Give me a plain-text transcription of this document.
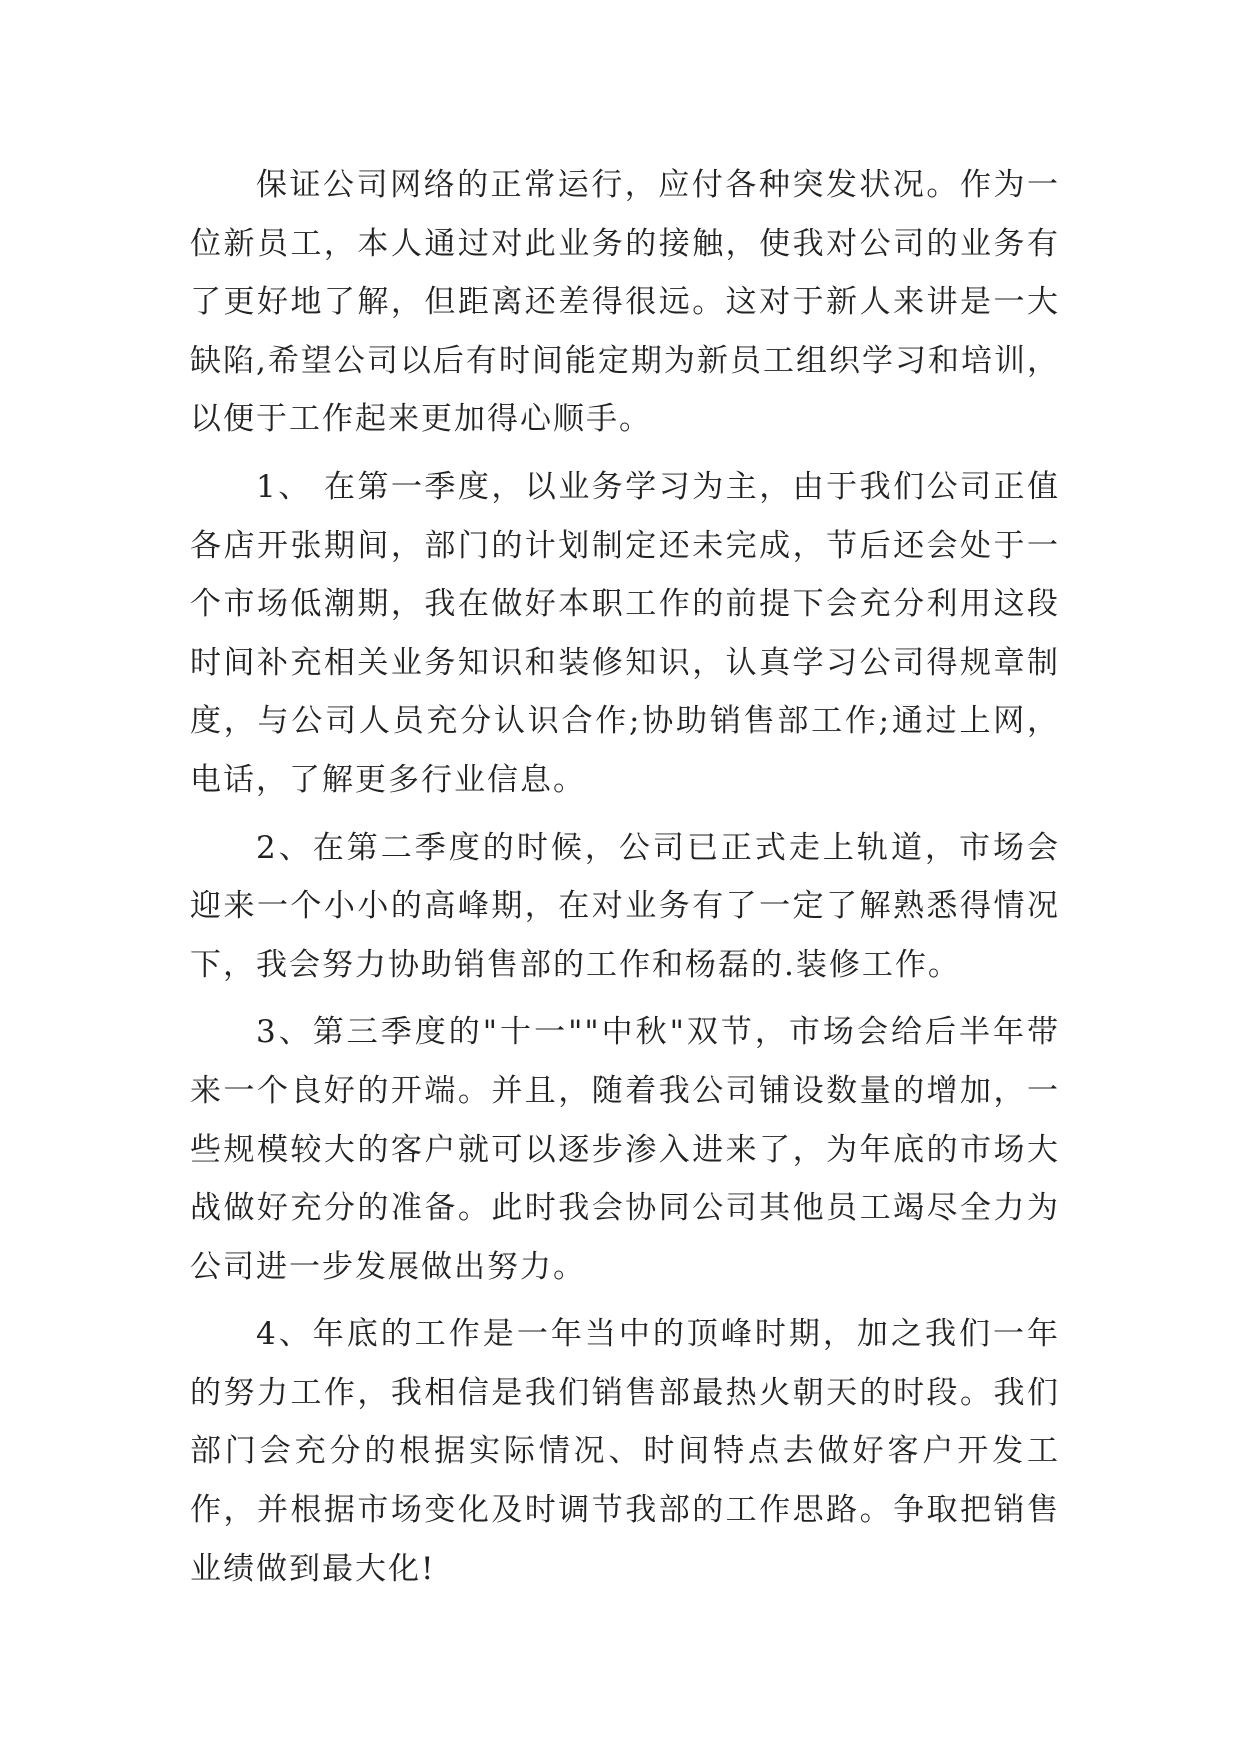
保证公司网络的正常运行，应付各种突发状况。作为一位新员工，本人通过对此业务的接触，使我对公司的业务有了更好地了解，但距离还差得很远。这对于新人来讲是一大缺陷,希望公司以后有时间能定期为新员工组织学习和培训，以便于工作起来更加得心顺手。

1、 在第一季度，以业务学习为主，由于我们公司正值各店开张期间，部门的计划制定还未完成，节后还会处于一个市场低潮期，我在做好本职工作的前提下会充分利用这段时间补充相关业务知识和装修知识，认真学习公司得规章制度，与公司人员充分认识合作;协助销售部工作;通过上网，电话，了解更多行业信息。

2、在第二季度的时候，公司已正式走上轨道，市场会迎来一个小小的高峰期，在对业务有了一定了解熟悉得情况下，我会努力协助销售部的工作和杨磊的.装修工作。

3、第三季度的"十一""中秋"双节，市场会给后半年带来一个良好的开端。并且，随着我公司铺设数量的增加，一些规模较大的客户就可以逐步渗入进来了，为年底的市场大战做好充分的准备。此时我会协同公司其他员工竭尽全力为公司进一步发展做出努力。

4、年底的工作是一年当中的顶峰时期，加之我们一年的努力工作，我相信是我们销售部最热火朝天的时段。我们部门会充分的根据实际情况、时间特点去做好客户开发工作，并根据市场变化及时调节我部的工作思路。争取把销售业绩做到最大化!
